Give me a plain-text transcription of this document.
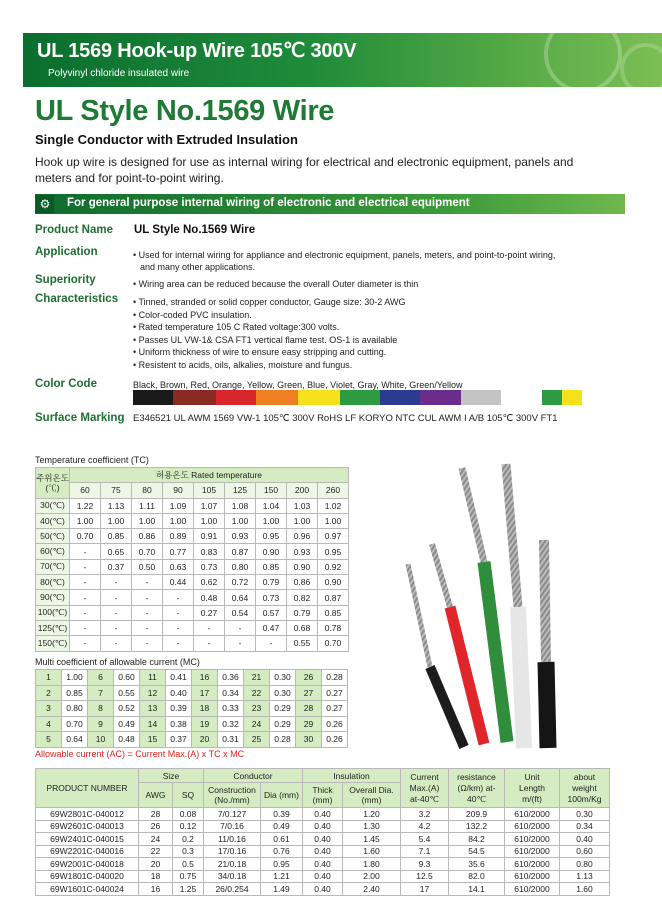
UL 1569 Hook-up Wire 105℃ 300V
Polyvinyl chloride insulated wire
UL Style No.1569 Wire
Single Conductor with Extruded Insulation
Hook up wire is designed for use as internal wiring for electrical and electronic equipment, panels and meters and for point-to-point wiring.
⚙	For general purpose internal wiring of electronic and electrical equipment
Product Name UL Style No.1569 Wire
Application	• Used for internal wiring for appliance and electronic equipment, panels, meters, and point-to-point wiring,
and many other applications.
Superiority	• Wiring area can be reduced because the overall Outer diameter is thin
Characteristics • Tinned, stranded or solid copper conductor, Gauge size: 30-2 AWG
• Color-coded PVC insulation.
• Rated temperature 105 C Rated voltage:300 volts.
• Passes UL VW-1& CSA FT1 vertical flame test. OS-1 is available
• Uniform thickness of wire to ensure easy stripping and cutting.
• Resistent to acids, oils, alkalies, moisture and fungus.
Color Code	Black, Brown, Red, Orange, Yellow, Green, Blue, Violet, Gray, White, Green/Yellow
Surface Marking E346521 UL AWM 1569 VW-1 105℃ 300V RoHS LF KORYO NTC CUL AWM I A/B 105℃ 300V FT1
Temperature coefficient (TC)
주위온도 (℃)	허용온도 Rated temperature								
	60	75	80	90	105	125	150	200	260
30(℃)	1.22	1.13	1.11	1.09	1.07	1.08	1.04	1.03	1.02
40(℃)	1.00	1.00	1.00	1.00	1.00	1.00	1.00	1.00	1.00
50(℃)	0.70	0.85	0.86	0.89	0.91	0.93	0.95	0.96	0.97
60(℃)	-	0.65	0.70	0.77	0.83	0.87	0.90	0.93	0.95
70(℃)	-	0.37	0.50	0.63	0.73	0.80	0.85	0.90	0.92
80(℃)	-	-	-	0.44	0.62	0.72	0.79	0.86	0.90
90(℃)	-	-	-	-	0.48	0.64	0.73	0.82	0.87
100(℃)	-	-	-	-	0.27	0.54	0.57	0.79	0.85
125(℃)	-	-	-	-	-	-	0.47	0.68	0.78
150(℃)	-	-	-	-	-	-	-	0.55	0.70
Multi coefficient of allowable current (MC)
1	1.00	6	0.60	11	0.41	16	0.36	21	0.30	26	0.28
2	0.85	7	0.55	12	0.40	17	0.34	22	0.30	27	0.27
3	0.80	8	0.52	13	0.39	18	0.33	23	0.29	28	0.27
4	0.70	9	0.49	14	0.38	19	0.32	24	0.29	29	0.26
5	0.64	10	0.48	15	0.37	20	0.31	25	0.28	30	0.26
Allowable current (AC) = Current Max.(A) x TC x MC
PRODUCT NUMBER	Size		Conductor		Insulation		Current Max.(A) at-40℃	resistance (Ω/km) at-40℃	Unit Length m/(ft)	about weight 100m/Kg
	AWG	SQ	Construction (No./mm)	Dia (mm)	Thick (mm)	Overall Dia. (mm)				
69W2801C-040012	28	0.08	7/0.127	0.39	0.40	1.20	3.2	209.9	610/2000	0.30
69W2601C-040013	26	0.12	7/0.16	0.49	0.40	1.30	4.2	132.2	610/2000	0.34
69W2401C-040015	24	0.2	11/0.16	0.61	0.40	1.45	5.4	84.2	610/2000	0.40
69W2201C-040016	22	0.3	17/0.16	0.76	0.40	1.60	7.1	54.5	610/2000	0.60
69W2001C-040018	20	0.5	21/0.18	0.95	0.40	1.80	9.3	35.6	610/2000	0.80
69W1801C-040020	18	0.75	34/0.18	1.21	0.40	2.00	12.5	82.0	610/2000	1.13
69W1601C-040024	16	1.25	26/0.254	1.49	0.40	2.40	17	14.1	610/2000	1.60
